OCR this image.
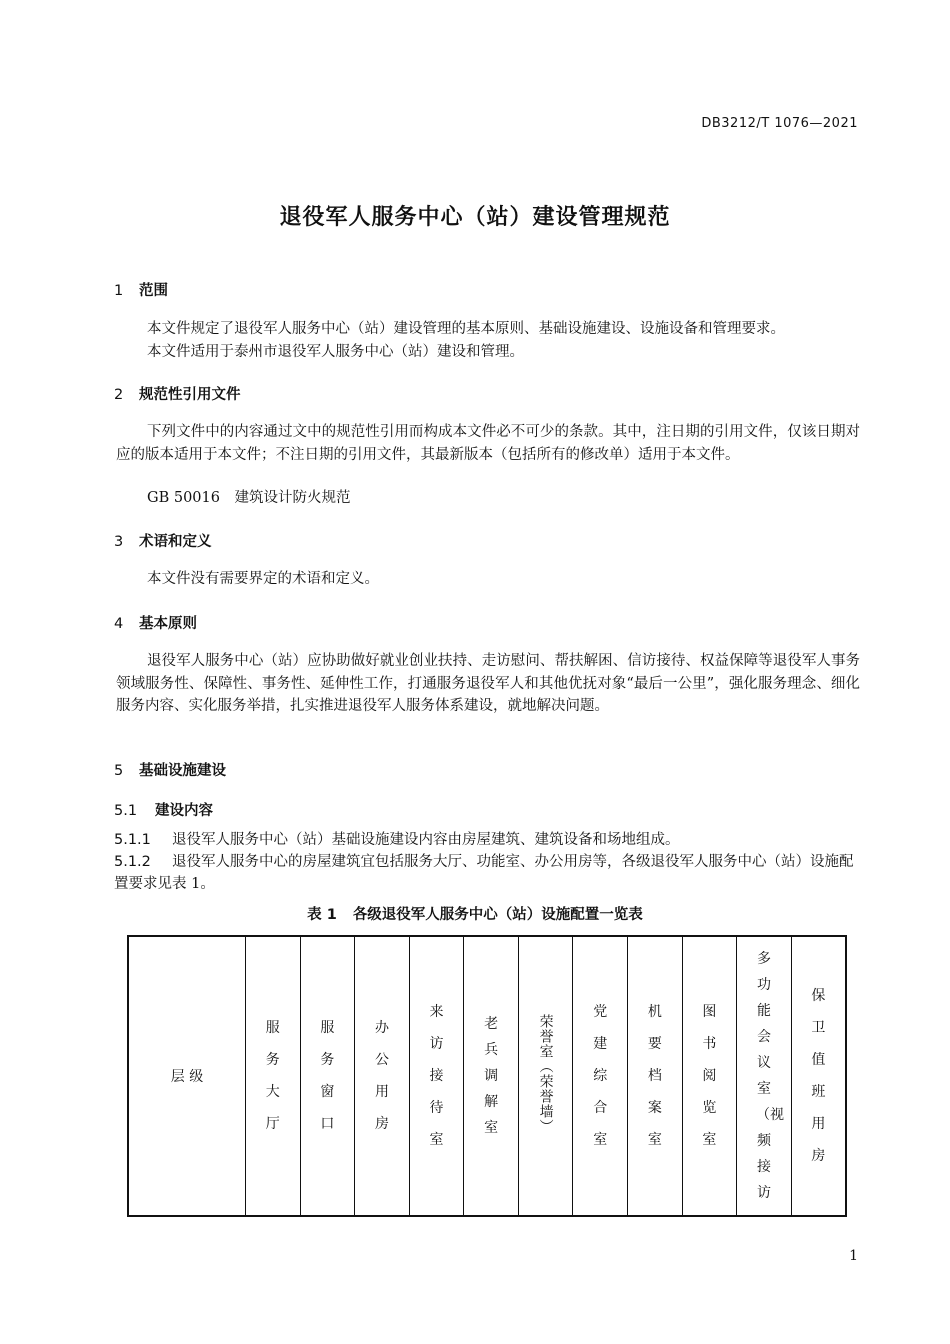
DB3212/T 1076—2021
退役军人服务中心（站）建设管理规范
1 范围
本文件规定了退役军人服务中心（站）建设管理的基本原则、基础设施建设、设施设备和管理要求。
本文件适用于泰州市退役军人服务中心（站）建设和管理。
2 规范性引用文件
下列文件中的内容通过文中的规范性引用而构成本文件必不可少的条款。其中，注日期的引用文件，仅该日期对应的版本适用于本文件；不注日期的引用文件，其最新版本（包括所有的修改单）适用于本文件。
GB 50016　建筑设计防火规范
3 术语和定义
本文件没有需要界定的术语和定义。
4 基本原则
退役军人服务中心（站）应协助做好就业创业扶持、走访慰问、帮扶解困、信访接待、权益保障等退役军人事务领域服务性、保障性、事务性、延伸性工作，打通服务退役军人和其他优抚对象“最后一公里”，强化服务理念、细化服务内容、实化服务举措，扎实推进退役军人服务体系建设，就地解决问题。
5 基础设施建设
5.1 建设内容
5.1.1 退役军人服务中心（站）基础设施建设内容由房屋建筑、建筑设备和场地组成。
5.1.2 退役军人服务中心的房屋建筑宜包括服务大厅、功能室、办公用房等，各级退役军人服务中心（站）设施配置要求见表 1。
表 1 各级退役军人服务中心（站）设施配置一览表
层 级	服务大厅	服务窗口	办公用房	来访接待室	老兵调解室	荣誉室（荣誉墙）	党建综合室	机要档案室	图书阅览室	多功能会议室（视频接访	保卫值班用房
1
